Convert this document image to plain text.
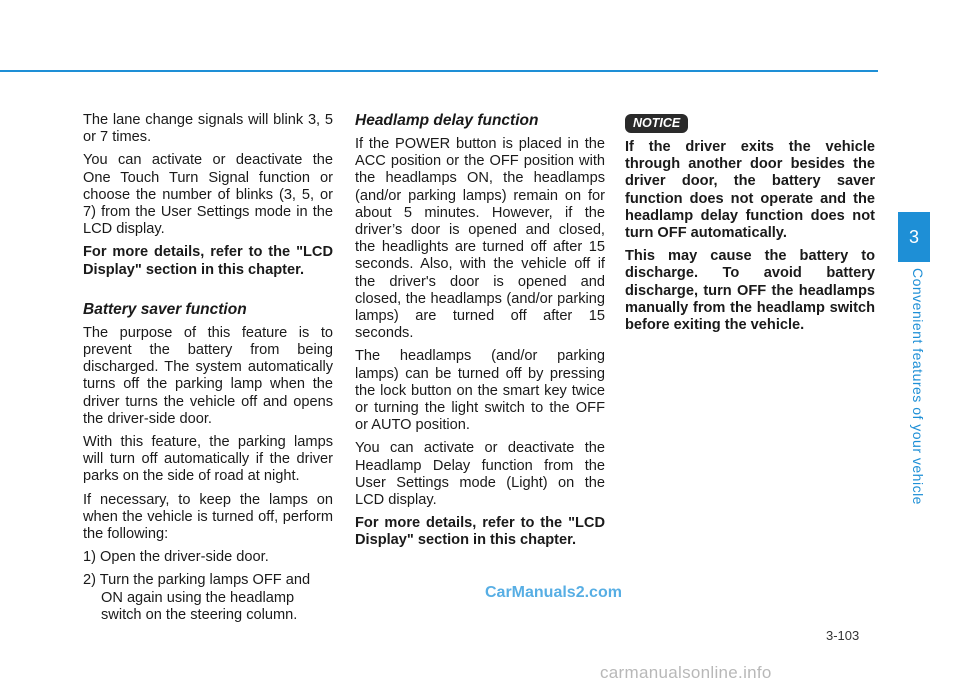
The lane change signals will blink 3, 5 or 7 times.

You can activate or deactivate the One Touch Turn Signal function or choose the number of blinks (3, 5, or 7) from the User Settings mode in the LCD display.

For more details, refer to the "LCD Display" section in this chapter.

Battery saver function

The purpose of this feature is to prevent the battery from being discharged. The system automatically turns off the parking lamp when the driver turns the vehicle off and opens the driver-side door.

With this feature, the parking lamps will turn off automatically if the driver parks on the side of road at night.

If necessary, to keep the lamps on when the vehicle is turned off, perform the following:

1) Open the driver-side door.
2) Turn the parking lamps OFF and ON again using the headlamp switch on the steering column.
Headlamp delay function

If the POWER button is placed in the ACC position or the OFF position with the headlamps ON, the headlamps (and/or parking lamps) remain on for about 5 minutes. However, if the driver’s door is opened and closed, the headlights are turned off after 15 seconds. Also, with the vehicle off if the driver's door is opened and closed, the headlamps (and/or parking lamps) are turned off after 15 seconds.

The headlamps (and/or parking lamps) can be turned off by pressing the lock button on the smart key twice or turning the light switch to the OFF or AUTO position.

You can activate or deactivate the Headlamp Delay function from the User Settings mode (Light) on the LCD display.

For more details, refer to the "LCD Display" section in this chapter.

NOTICE

If the driver exits the vehicle through another door besides the driver door, the battery saver function does not operate and the headlamp delay function does not turn OFF automatically.

This may cause the battery to discharge. To avoid battery discharge, turn OFF the headlamps manually from the headlamp switch before exiting the vehicle.

3
Convenient features of your vehicle
CarManuals2.com
3-103
carmanualsonline.info
